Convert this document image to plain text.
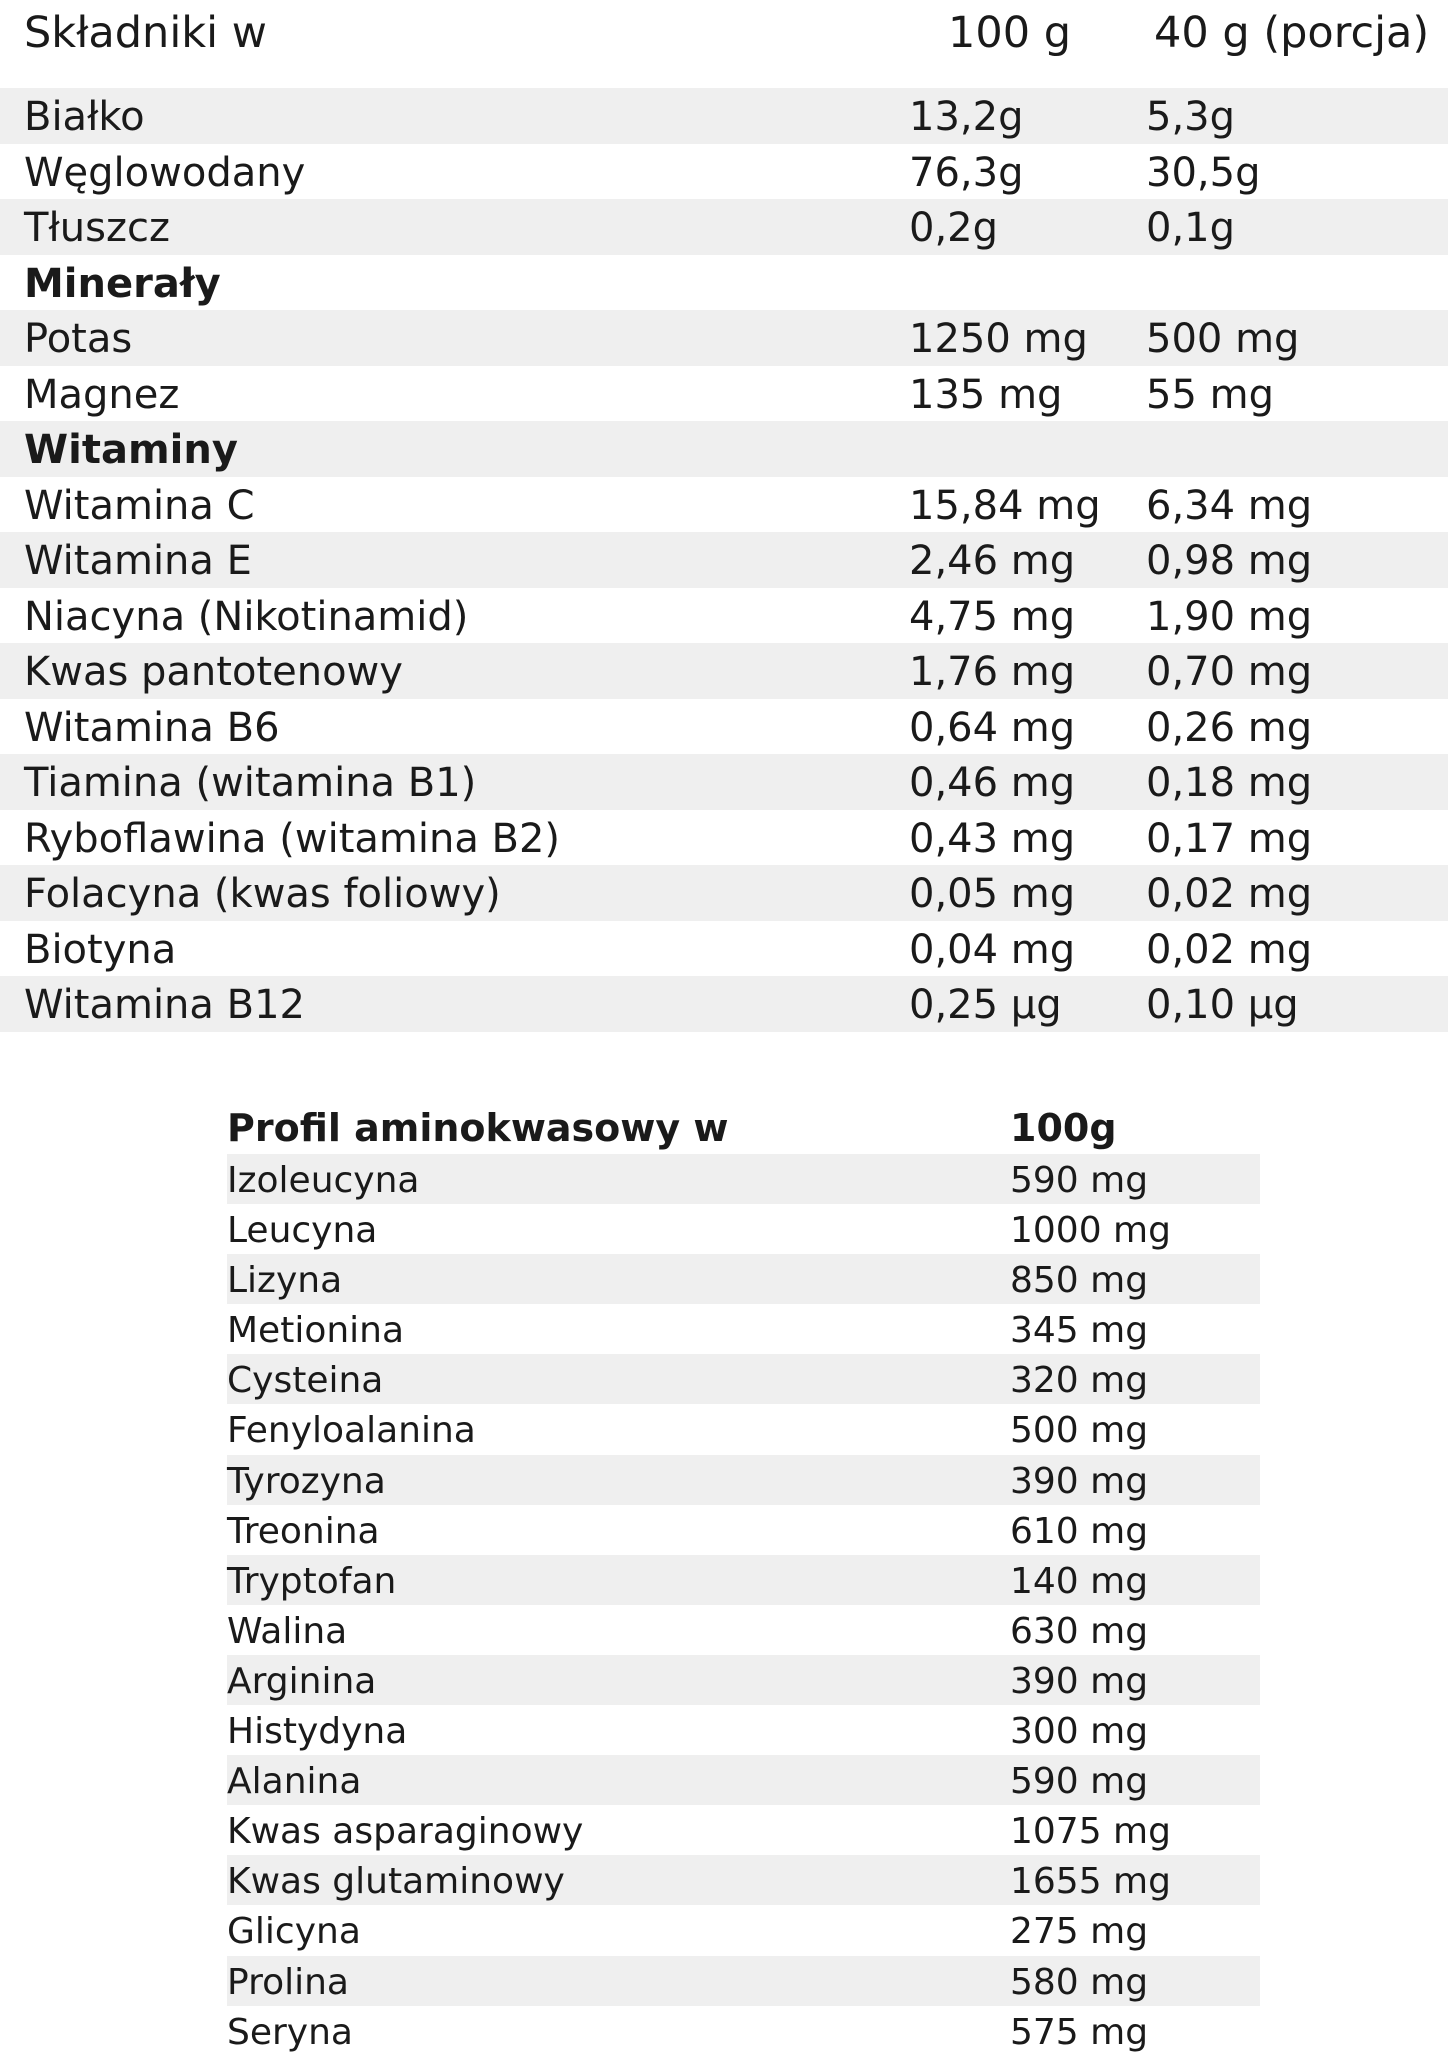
Składniki w	100 g 40 g (porcja)
Białko	13,2g	5,3g
Węglowodany	76,3g	30,5g
Tłuszcz	0,2g	0,1g
Minerały
Potas	1250 mg 500 mg
Magnez	135 mg 55 mg
Witaminy
Witamina C	15,84 mg 6,34 mg
Witamina E	2,46 mg 0,98 mg
Niacyna (Nikotinamid)	4,75 mg 1,90 mg
Kwas pantotenowy	1,76 mg 0,70 mg
Witamina B6	0,64 mg 0,26 mg
Tiamina (witamina B1)	0,46 mg 0,18 mg
Ryboflawina (witamina B2)	0,43 mg 0,17 mg
Folacyna (kwas foliowy)	0,05 mg 0,02 mg
Biotyna	0,04 mg 0,02 mg
Witamina B12	0,25 µg 0,10 µg
Profil aminokwasowy w	100g
Izoleucyna	590 mg
Leucyna	1000 mg
Lizyna	850 mg
Metionina	345 mg
Cysteina	320 mg
Fenyloalanina	500 mg
Tyrozyna	390 mg
Treonina	610 mg
Tryptofan	140 mg
Walina	630 mg
Arginina	390 mg
Histydyna	300 mg
Alanina	590 mg
Kwas asparaginowy	1075 mg
Kwas glutaminowy	1655 mg
Glicyna	275 mg
Prolina	580 mg
Seryna	575 mg
